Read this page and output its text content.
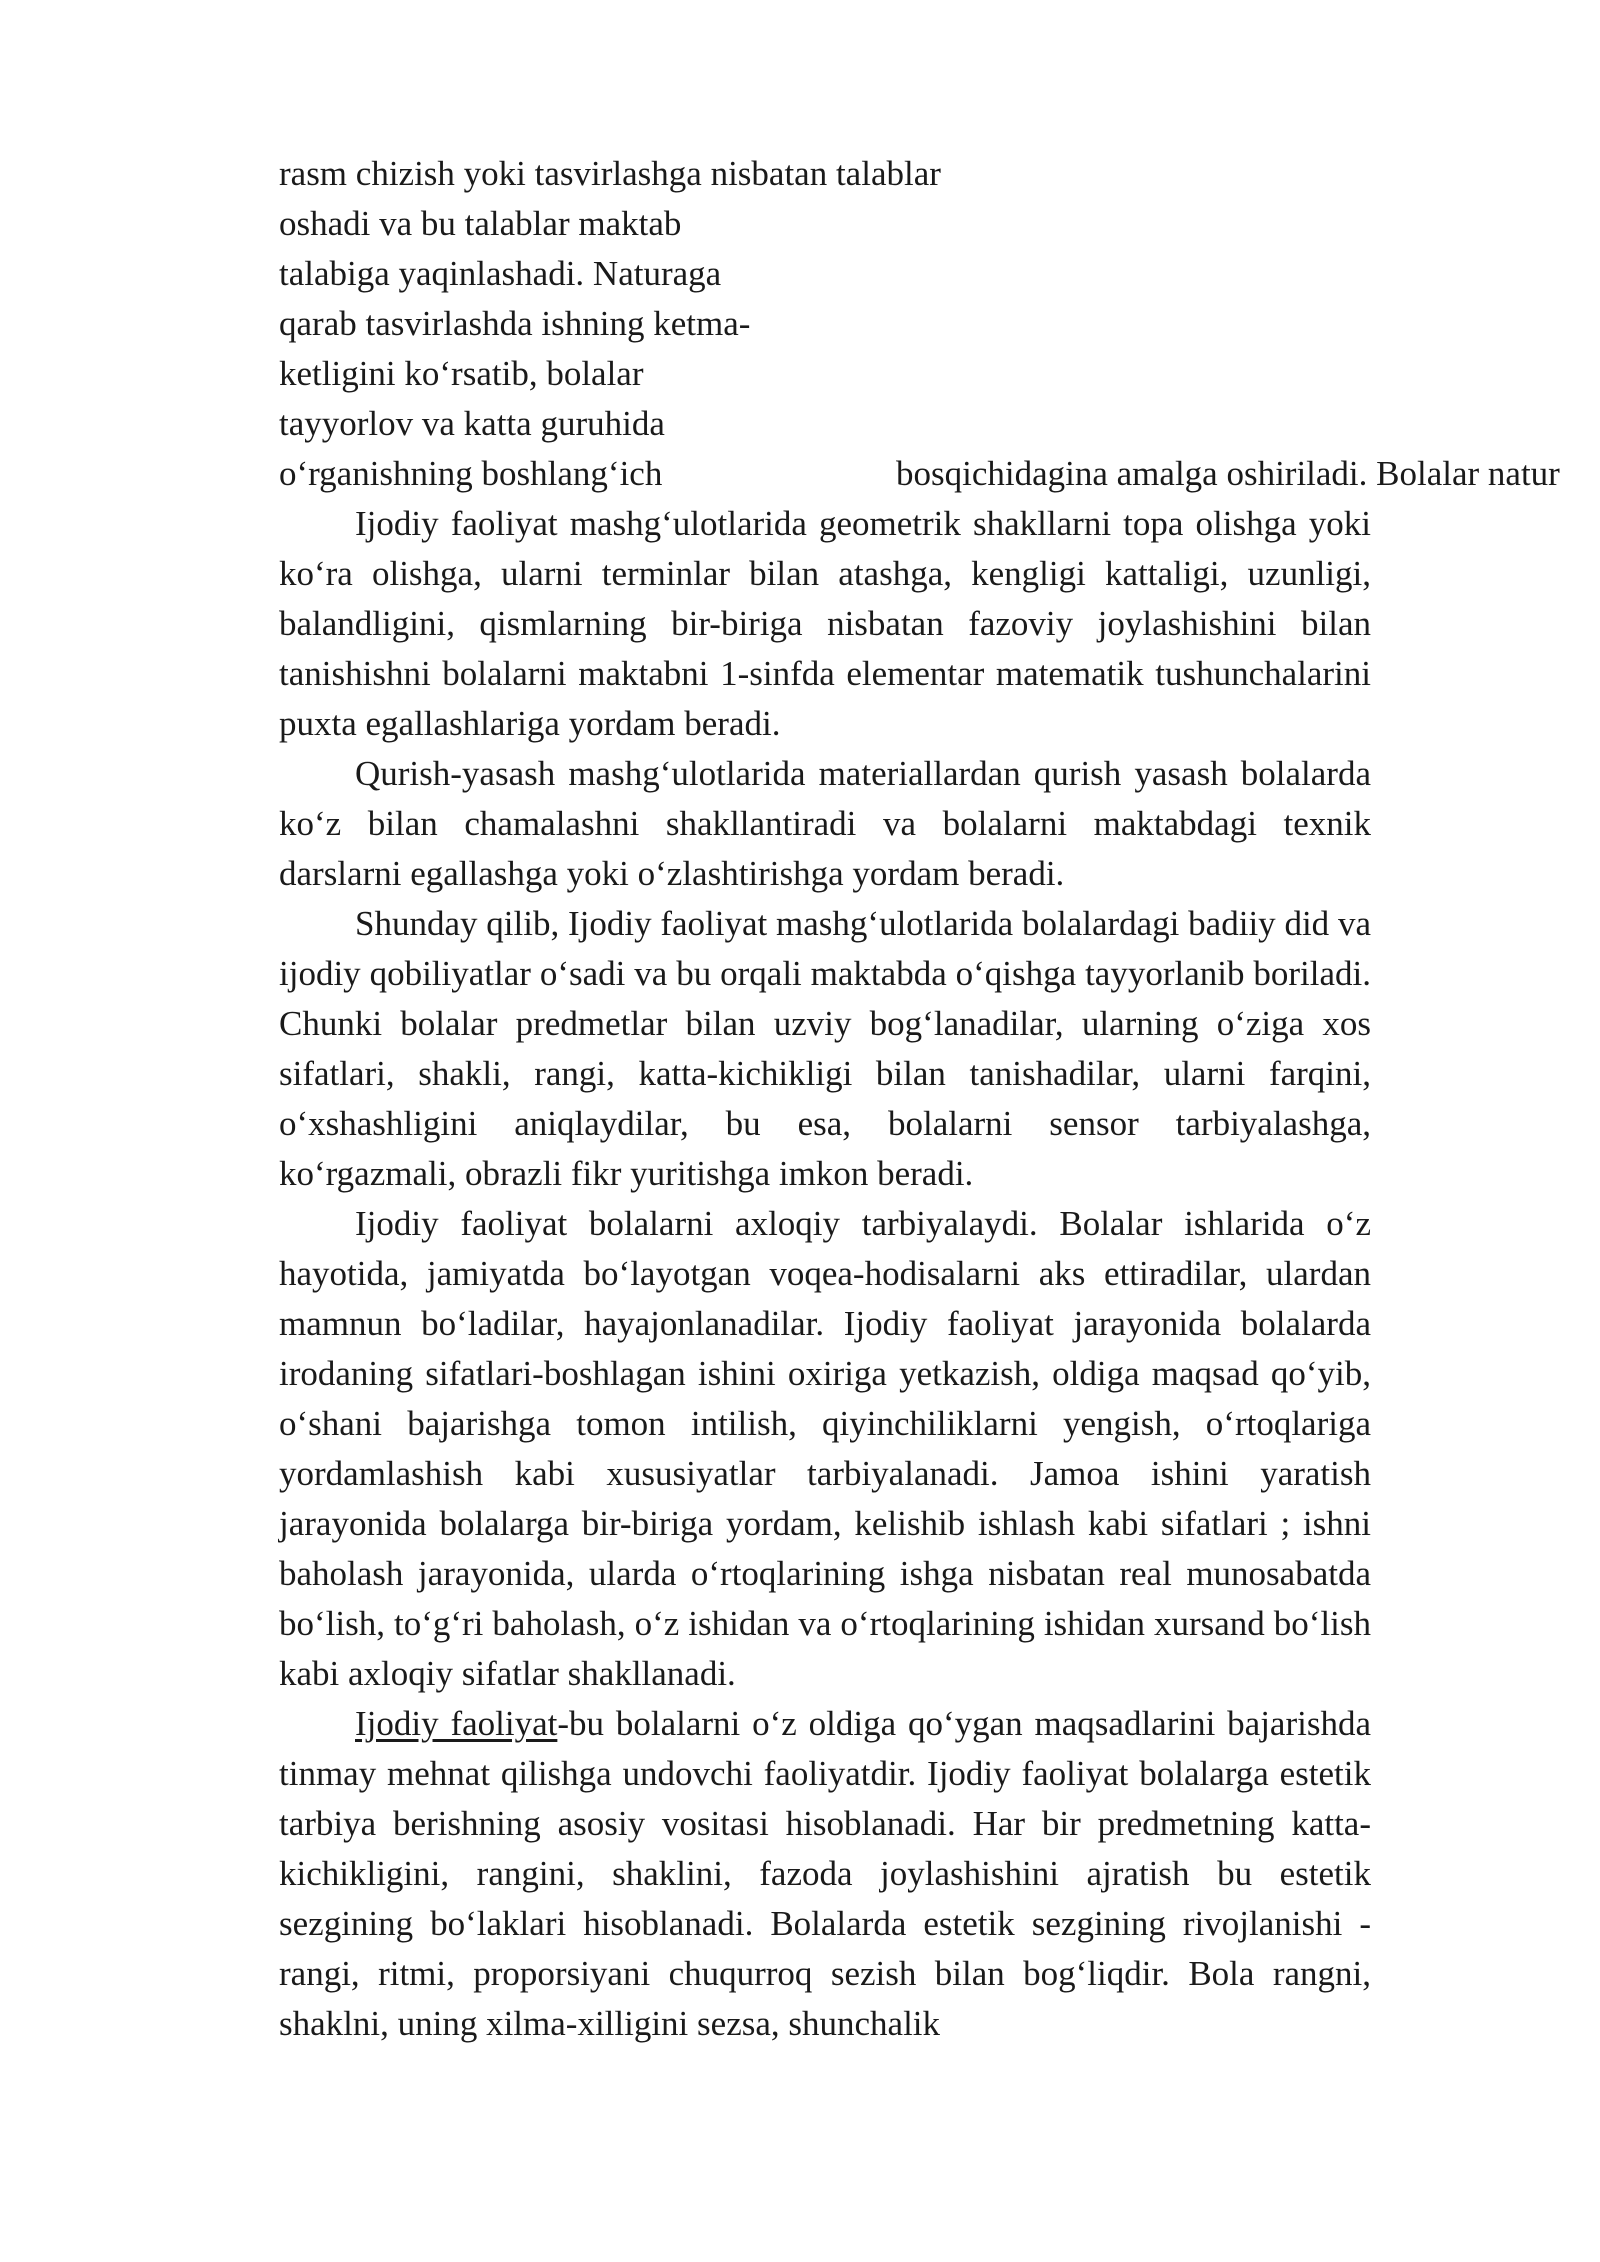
rasm chizish yoki tasvirlashga nisbatan talablar
oshadi va bu talablar maktab
talabiga yaqinlashadi. Naturaga
qarab tasvirlashda ishning ketma-
ketligini ko‘rsatib, bolalar
tayyorlov va katta guruhida
o‘rganishning boshlang‘ich	bosqichidagina amalga oshiriladi. Bolalar natur

Ijodiy faoliyat mashg‘ulotlarida geometrik shakllarni topa olishga yoki ko‘ra olishga, ularni terminlar bilan atashga, kengligi kattaligi, uzunligi, balandligini, qismlarning bir-biriga nisbatan fazoviy joylashishini bilan tanishishni bolalarni maktabni 1-sinfda elementar matematik tushunchalarini puxta egallashlariga yordam beradi.

Qurish-yasash mashg‘ulotlarida materiallardan qurish yasash bolalarda ko‘z bilan chamalashni shakllantiradi va bolalarni maktabdagi texnik darslarni egallashga yoki o‘zlashtirishga yordam beradi.

Shunday qilib, Ijodiy faoliyat mashg‘ulotlarida bolalardagi badiiy did va ijodiy qobiliyatlar o‘sadi va bu orqali maktabda o‘qishga tayyorlanib boriladi. Chunki bolalar predmetlar bilan uzviy bog‘lanadilar, ularning o‘ziga xos sifatlari, shakli, rangi, katta-kichikligi bilan tanishadilar, ularni farqini, o‘xshashligini aniqlaydilar, bu esa, bolalarni sensor tarbiyalashga, ko‘rgazmali, obrazli fikr yuritishga imkon beradi.

Ijodiy faoliyat bolalarni axloqiy tarbiyalaydi. Bolalar ishlarida o‘z hayotida, jamiyatda bo‘layotgan voqea-hodisalarni aks ettiradilar, ulardan mamnun bo‘ladilar, hayajonlanadilar. Ijodiy faoliyat jarayonida bolalarda irodaning sifatlari-boshlagan ishini oxiriga yetkazish, oldiga maqsad qo‘yib, o‘shani bajarishga tomon intilish, qiyinchiliklarni yengish, o‘rtoqlariga yordamlashish kabi xususiyatlar tarbiyalanadi. Jamoa ishini yaratish jarayonida bolalarga bir-biriga yordam, kelishib ishlash kabi sifatlari ; ishni baholash jarayonida, ularda o‘rtoqlarining ishga nisbatan real munosabatda bo‘lish, to‘g‘ri baholash, o‘z ishidan va o‘rtoqlarining ishidan xursand bo‘lish kabi axloqiy sifatlar shakllanadi.

Ijodiy faoliyat-bu bolalarni o‘z oldiga qo‘ygan maqsadlarini bajarishda tinmay mehnat qilishga undovchi faoliyatdir. Ijodiy faoliyat bolalarga estetik tarbiya berishning asosiy vositasi hisoblanadi. Har bir predmetning katta-kichikligini, rangini, shaklini, fazoda joylashishini ajratish bu estetik sezgining bo‘laklari hisoblanadi. Bolalarda estetik sezgining rivojlanishi - rangi, ritmi, proporsiyani chuqurroq sezish bilan bog‘liqdir. Bola rangni, shaklni, uning xilma-xilligini sezsa, shunchalik
